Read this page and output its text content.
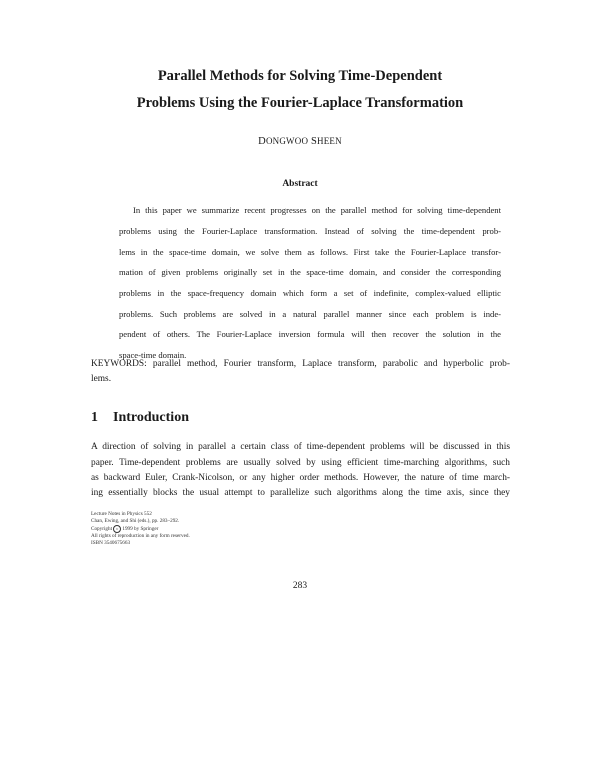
Parallel Methods for Solving Time-Dependent
Problems Using the Fourier-Laplace Transformation
DONGWOO SHEEN
Abstract
In this paper we summarize recent progresses on the parallel method for solving time-dependent
problems using the Fourier-Laplace transformation. Instead of solving the time-dependent prob-
lems in the space-time domain, we solve them as follows. First take the Fourier-Laplace transfor-
mation of given problems originally set in the space-time domain, and consider the corresponding
problems in the space-frequency domain which form a set of indefinite, complex-valued elliptic
problems. Such problems are solved in a natural parallel manner since each problem is inde-
pendent of others. The Fourier-Laplace inversion formula will then recover the solution in the
space-time domain.
KEYWORDS: parallel method, Fourier transform, Laplace transform, parabolic and hyperbolic prob-
lems.
1 Introduction
A direction of solving in parallel a certain class of time-dependent problems will be discussed in this
paper. Time-dependent problems are usually solved by using efficient time-marching algorithms, such
as backward Euler, Crank-Nicolson, or any higher order methods. However, the nature of time march-
ing essentially blocks the usual attempt to parallelize such algorithms along the time axis, since they
Lecture Notes in Physics 552
Chan, Ewing, and Shi (eds.), pp. 283–292.
Copyright c 1999 by Springer
All rights of reproduction in any form reserved.
ISBN 3540675663
283
